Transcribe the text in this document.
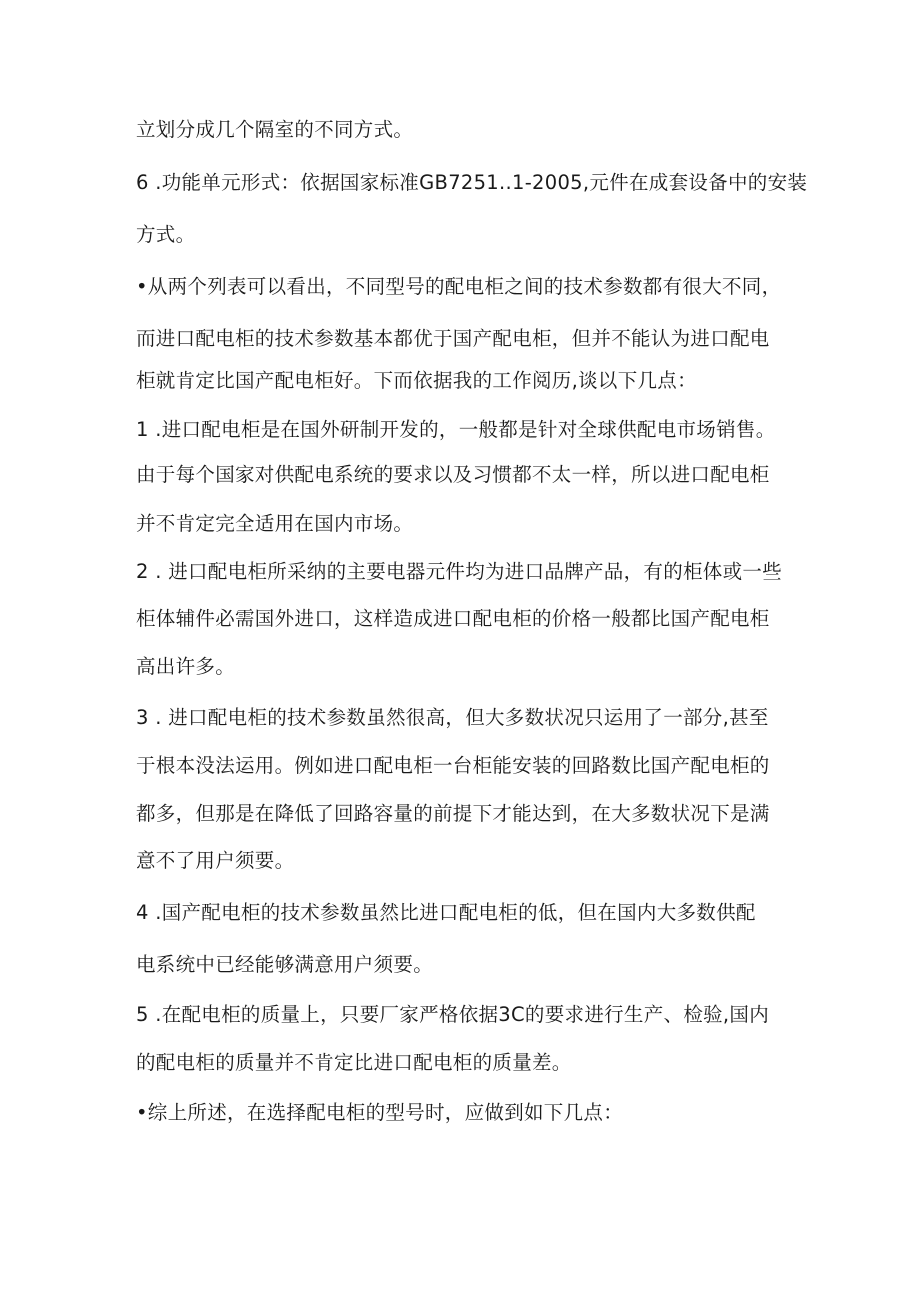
立划分成几个隔室的不同方式。
6 .功能单元形式：依据国家标准GB7251..1-2005,元件在成套设备中的安装
方式。
•从两个列表可以看出，不同型号的配电柜之间的技术参数都有很大不同，
而进口配电柜的技术参数基本都优于国产配电柜，但并不能认为进口配电
柜就肯定比国产配电柜好。下而依据我的工作阅历,谈以下几点：
1 .进口配电柜是在国外研制开发的，一般都是针对全球供配电市场销售。
由于每个国家对供配电系统的要求以及习惯都不太一样，所以进口配电柜
并不肯定完全适用在国内市场。
2 . 进口配电柜所采纳的主要电器元件均为进口品牌产品，有的柜体或一些
柜体辅件必需国外进口，这样造成进口配电柜的价格一般都比国产配电柜
高出许多。
3 . 进口配电柜的技术参数虽然很高，但大多数状况只运用了一部分,甚至
于根本没法运用。例如进口配电柜一台柜能安装的回路数比国产配电柜的
都多，但那是在降低了回路容量的前提下才能达到，在大多数状况下是满
意不了用户须要。
4 .国产配电柜的技术参数虽然比进口配电柜的低，但在国内大多数供配
电系统中已经能够满意用户须要。
5 .在配电柜的质量上，只要厂家严格依据3C的要求进行生产、检验,国内
的配电柜的质量并不肯定比进口配电柜的质量差。
•综上所述，在选择配电柜的型号时，应做到如下几点：
